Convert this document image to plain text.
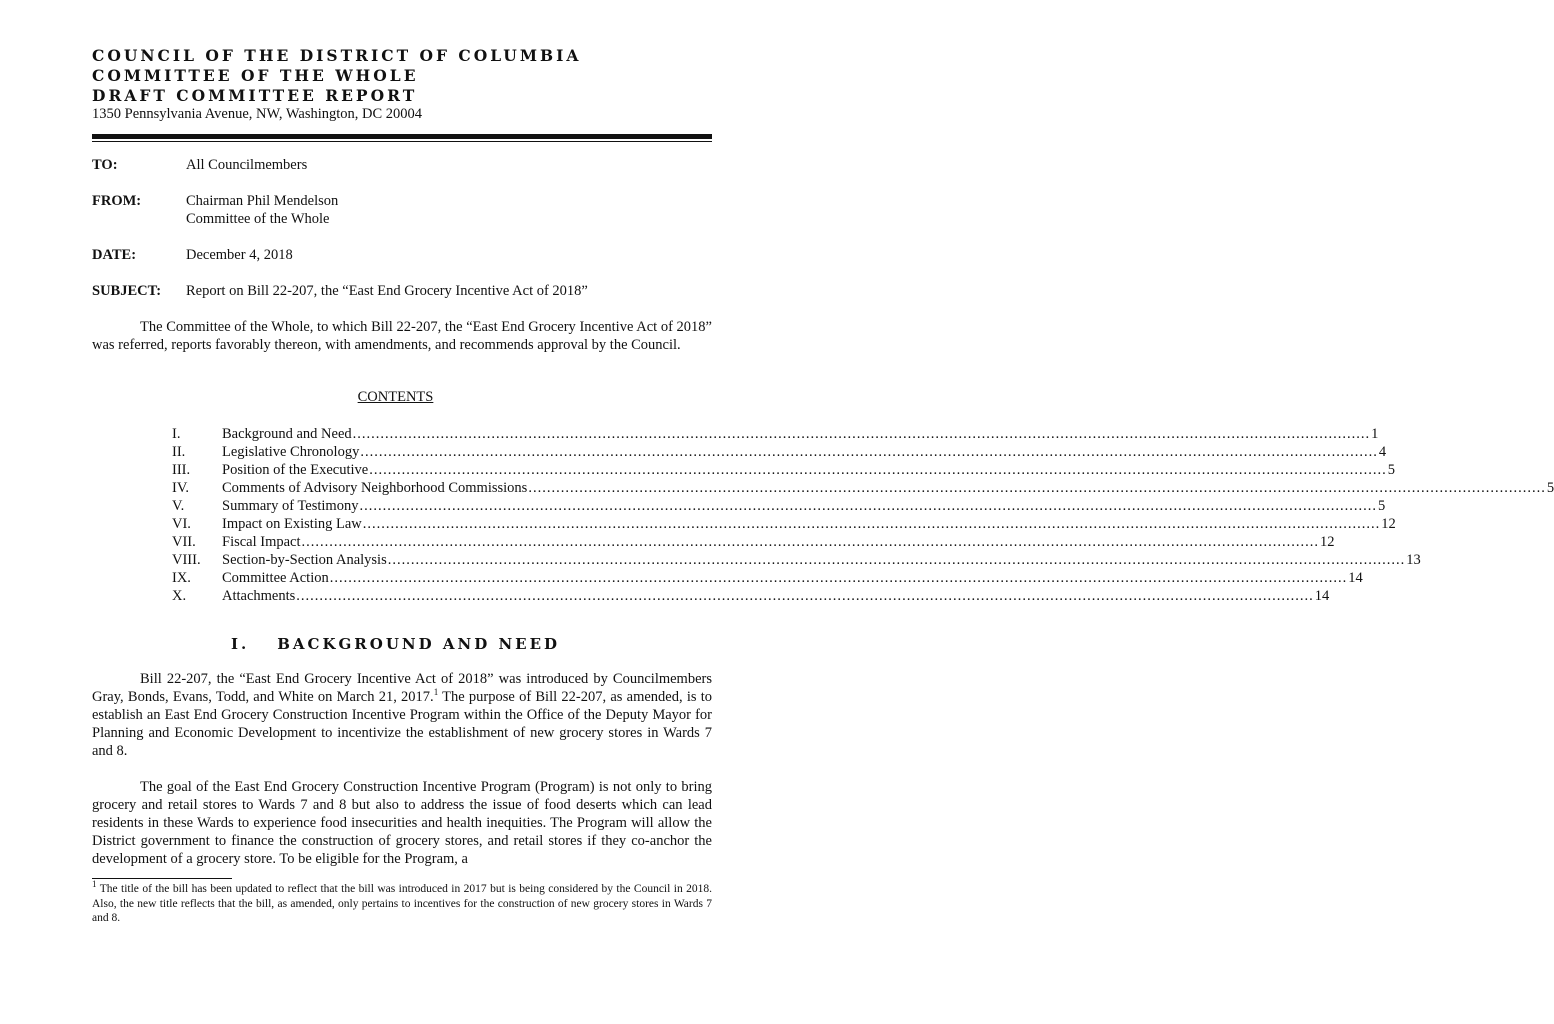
COUNCIL OF THE DISTRICT OF COLUMBIA
COMMITTEE OF THE WHOLE
DRAFT COMMITTEE REPORT
1350 Pennsylvania Avenue, NW, Washington, DC 20004
TO:	All Councilmembers
FROM:	Chairman Phil Mendelson
Committee of the Whole
DATE:	December 4, 2018
SUBJECT: Report on Bill 22-207, the “East End Grocery Incentive Act of 2018”

The Committee of the Whole, to which Bill 22-207, the “East End Grocery Incentive Act of 2018” was referred, reports favorably thereon, with amendments, and recommends approval by the Council.

CONTENTS
I.	Background and Need ............................................................................................................................................................................................................................ 1
II.	Legislative Chronology ............................................................................................................................................................................................................................ 4
III.	Position of the Executive ............................................................................................................................................................................................................................ 5
IV.	Comments of Advisory Neighborhood Commissions ............................................................................................................................................................................................................................ 5
V.	Summary of Testimony ............................................................................................................................................................................................................................ 5
VI.	Impact on Existing Law ............................................................................................................................................................................................................................ 12
VII.	Fiscal Impact ............................................................................................................................................................................................................................ 12
VIII.	Section-by-Section Analysis ............................................................................................................................................................................................................................ 13
IX.	Committee Action ............................................................................................................................................................................................................................ 14
X.	Attachments ............................................................................................................................................................................................................................ 14
I. BACKGROUND AND NEED

Bill 22-207, the “East End Grocery Incentive Act of 2018” was introduced by Councilmembers Gray, Bonds, Evans, Todd, and White on March 21, 2017.$^1$ The purpose of Bill 22-207, as amended, is to establish an East End Grocery Construction Incentive Program within the Office of the Deputy Mayor for Planning and Economic Development to incentivize the establishment of new grocery stores in Wards 7 and 8.

The goal of the East End Grocery Construction Incentive Program (Program) is not only to bring grocery and retail stores to Wards 7 and 8 but also to address the issue of food deserts which can lead residents in these Wards to experience food insecurities and health inequities. The Program will allow the District government to finance the construction of grocery stores, and retail stores if they co-anchor the development of a grocery store. To be eligible for the Program, a

$^1$ The title of the bill has been updated to reflect that the bill was introduced in 2017 but is being considered by the Council in 2018. Also, the new title reflects that the bill, as amended, only pertains to incentives for the construction of new grocery stores in Wards 7 and 8.
